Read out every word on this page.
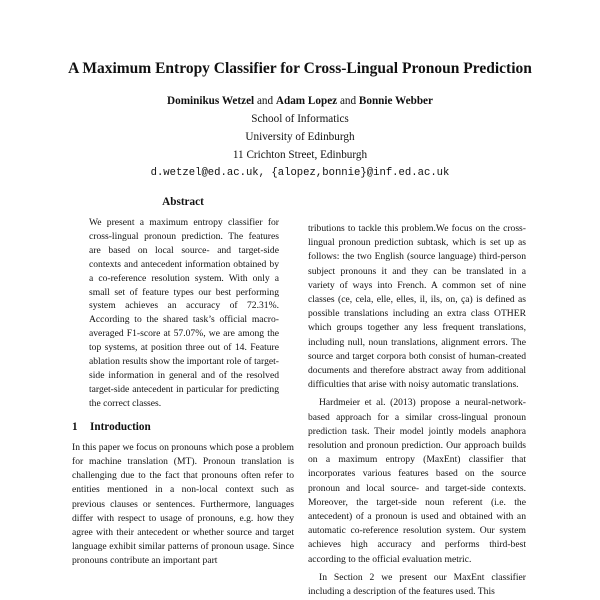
A Maximum Entropy Classifier for Cross-Lingual Pronoun Prediction
Dominikus Wetzel and Adam Lopez and Bonnie Webber
School of Informatics
University of Edinburgh
11 Crichton Street, Edinburgh
d.wetzel@ed.ac.uk, {alopez,bonnie}@inf.ed.ac.uk
Abstract

We present a maximum entropy classifier for cross-lingual pronoun prediction. The features are based on local source- and target-side contexts and antecedent information obtained by a co-reference resolution system. With only a small set of feature types our best performing system achieves an accuracy of 72.31%. According to the shared task’s official macro-averaged F1-score at 57.07%, we are among the top systems, at position three out of 14. Feature ablation results show the important role of target-side information in general and of the resolved target-side antecedent in particular for predicting the correct classes.

1 Introduction

In this paper we focus on pronouns which pose a problem for machine translation (MT). Pronoun translation is challenging due to the fact that pronouns often refer to entities mentioned in a non-local context such as previous clauses or sentences. Furthermore, languages differ with respect to usage of pronouns, e.g. how they agree with their antecedent or whether source and target language exhibit similar patterns of pronoun usage. Since pronouns contribute an important part

tributions to tackle this problem.We focus on the cross-lingual pronoun prediction subtask, which is set up as follows: the two English (source language) third-person subject pronouns it and they can be translated in a variety of ways into French. A common set of nine classes (ce, cela, elle, elles, il, ils, on, ça) is defined as possible translations including an extra class OTHER which groups together any less frequent translations, including null, noun translations, alignment errors. The source and target corpora both consist of human-created documents and therefore abstract away from additional difficulties that arise with noisy automatic translations.

Hardmeier et al. (2013) propose a neural-network-based approach for a similar cross-lingual pronoun prediction task. Their model jointly models anaphora resolution and pronoun prediction. Our approach builds on a maximum entropy (MaxEnt) classifier that incorporates various features based on the source pronoun and local source- and target-side contexts. Moreover, the target-side noun referent (i.e. the antecedent) of a pronoun is used and obtained with an automatic co-reference resolution system. Our system achieves high accuracy and performs third-best according to the official evaluation metric.

In Section 2 we present our MaxEnt classifier including a description of the features used. This
